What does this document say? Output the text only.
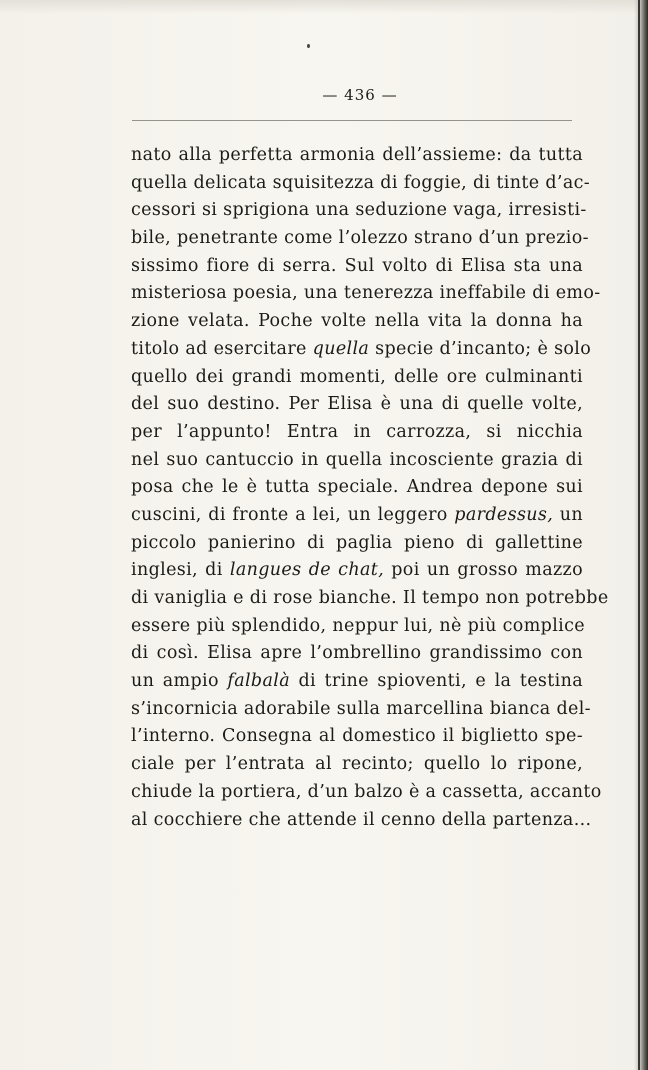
— 436 —
nato alla perfetta armonia dell’assieme: da tutta
quella delicata squisitezza di foggie, di tinte d’ac-
cessori si sprigiona una seduzione vaga, irresisti-
bile, penetrante come l’olezzo strano d’un prezio-
sissimo fiore di serra. Sul volto di Elisa sta una
misteriosa poesia, una tenerezza ineffabile di emo-
zione velata. Poche volte nella vita la donna ha
titolo ad esercitare quella specie d’incanto; è solo
quello dei grandi momenti, delle ore culminanti
del suo destino. Per Elisa è una di quelle volte,
per l’appunto! Entra in carrozza, si nicchia
nel suo cantuccio in quella incosciente grazia di
posa che le è tutta speciale. Andrea depone sui
cuscini, di fronte a lei, un leggero pardessus, un
piccolo panierino di paglia pieno di gallettine
inglesi, di langues de chat, poi un grosso mazzo
di vaniglia e di rose bianche. Il tempo non potrebbe
essere più splendido, neppur lui, nè più complice
di così. Elisa apre l’ombrellino grandissimo con
un ampio falbalà di trine spioventi, e la testina
s’incornicia adorabile sulla marcellina bianca del-
l’interno. Consegna al domestico il biglietto spe-
ciale per l’entrata al recinto; quello lo ripone,
chiude la portiera, d’un balzo è a cassetta, accanto
al cocchiere che attende il cenno della partenza...
